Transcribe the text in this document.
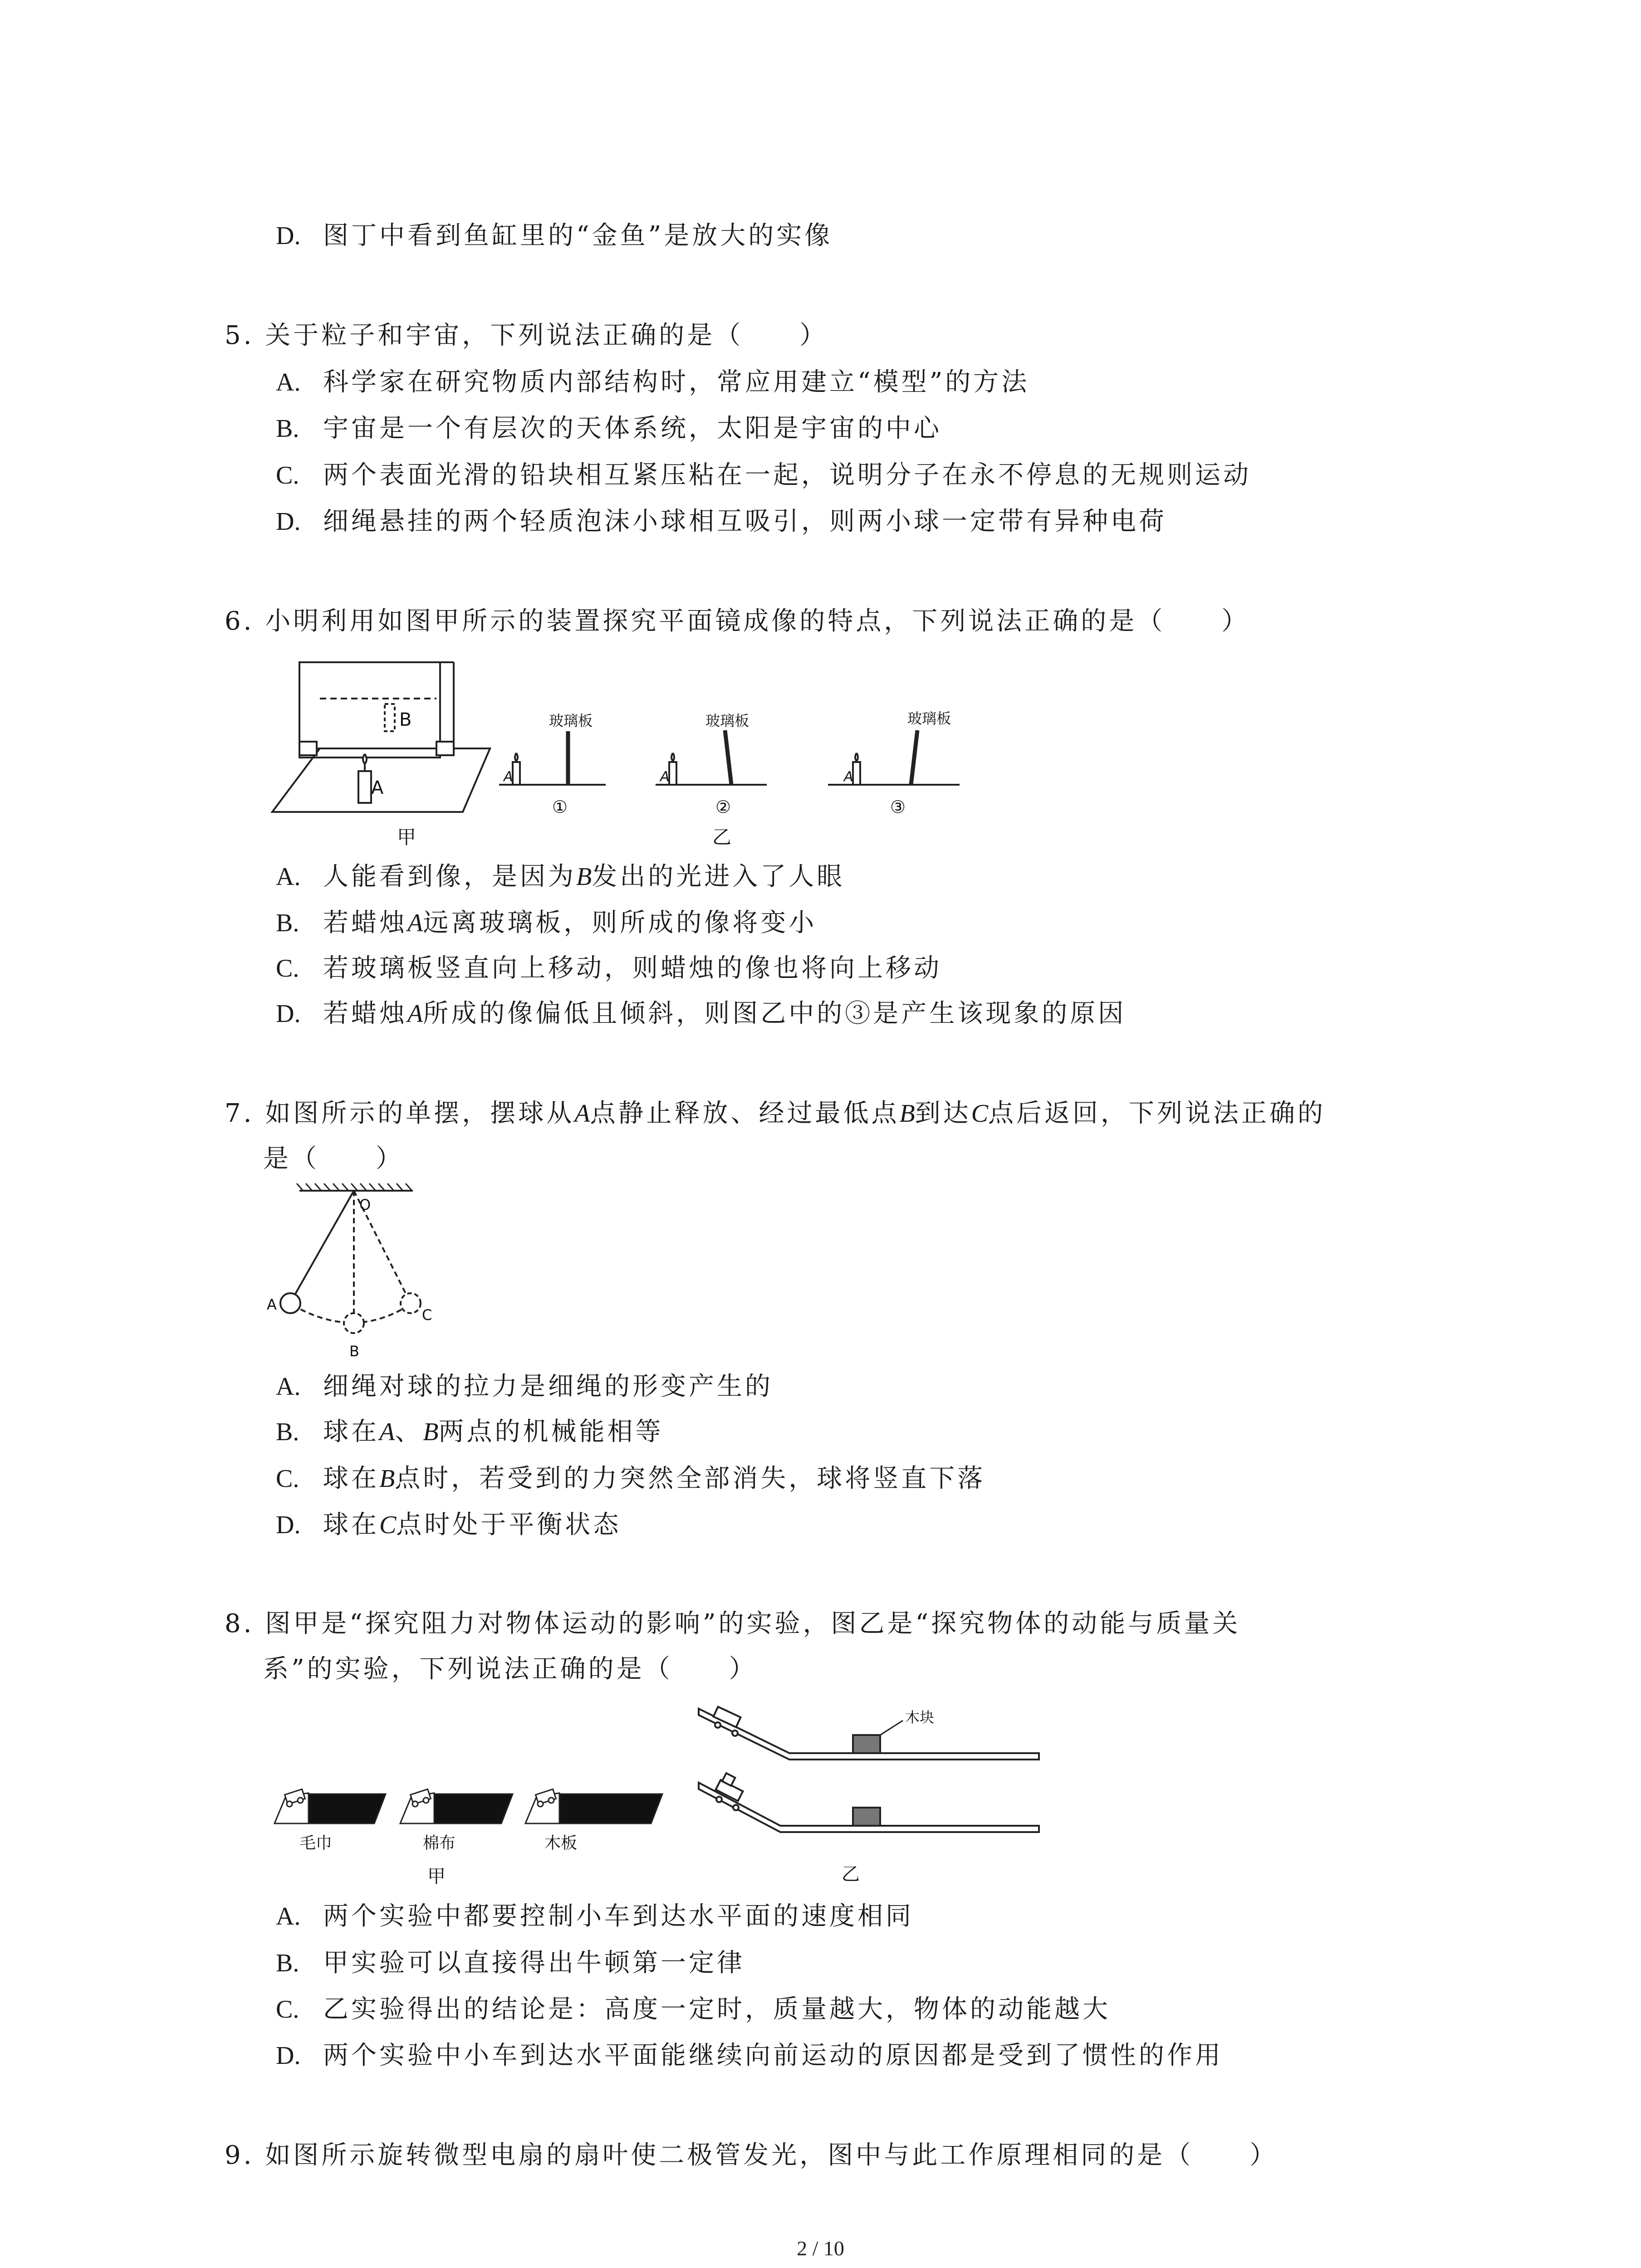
D. 图丁中看到鱼缸里的“金鱼”是放大的实像
5. 关于粒子和宇宙，下列说法正确的是（　　）
A. 科学家在研究物质内部结构时，常应用建立“模型”的方法
B. 宇宙是一个有层次的天体系统，太阳是宇宙的中心
C. 两个表面光滑的铅块相互紧压粘在一起，说明分子在永不停息的无规则运动
D. 细绳悬挂的两个轻质泡沫小球相互吸引，则两小球一定带有异种电荷
6. 小明利用如图甲所示的装置探究平面镜成像的特点，下列说法正确的是（　　）
B
A
甲
A
玻璃板
①
A
玻璃板
②
乙
A
玻璃板
③
A. 人能看到像，是因为B发出的光进入了人眼
B. 若蜡烛A远离玻璃板，则所成的像将变小
C. 若玻璃板竖直向上移动，则蜡烛的像也将向上移动
D. 若蜡烛A所成的像偏低且倾斜，则图乙中的③是产生该现象的原因
7. 如图所示的单摆，摆球从A点静止释放、经过最低点B到达C点后返回，下列说法正确的
是（　　）
O
A
B
C
A. 细绳对球的拉力是细绳的形变产生的
B. 球在A、B两点的机械能相等
C. 球在B点时，若受到的力突然全部消失，球将竖直下落
D. 球在C点时处于平衡状态
8. 图甲是“探究阻力对物体运动的影响”的实验，图乙是“探究物体的动能与质量关
系”的实验，下列说法正确的是（　　）
毛巾	棉布	木板
甲
木块
乙
A. 两个实验中都要控制小车到达水平面的速度相同
B. 甲实验可以直接得出牛顿第一定律
C. 乙实验得出的结论是：高度一定时，质量越大，物体的动能越大
D. 两个实验中小车到达水平面能继续向前运动的原因都是受到了惯性的作用
9. 如图所示旋转微型电扇的扇叶使二极管发光，图中与此工作原理相同的是（　　）
2 / 10
